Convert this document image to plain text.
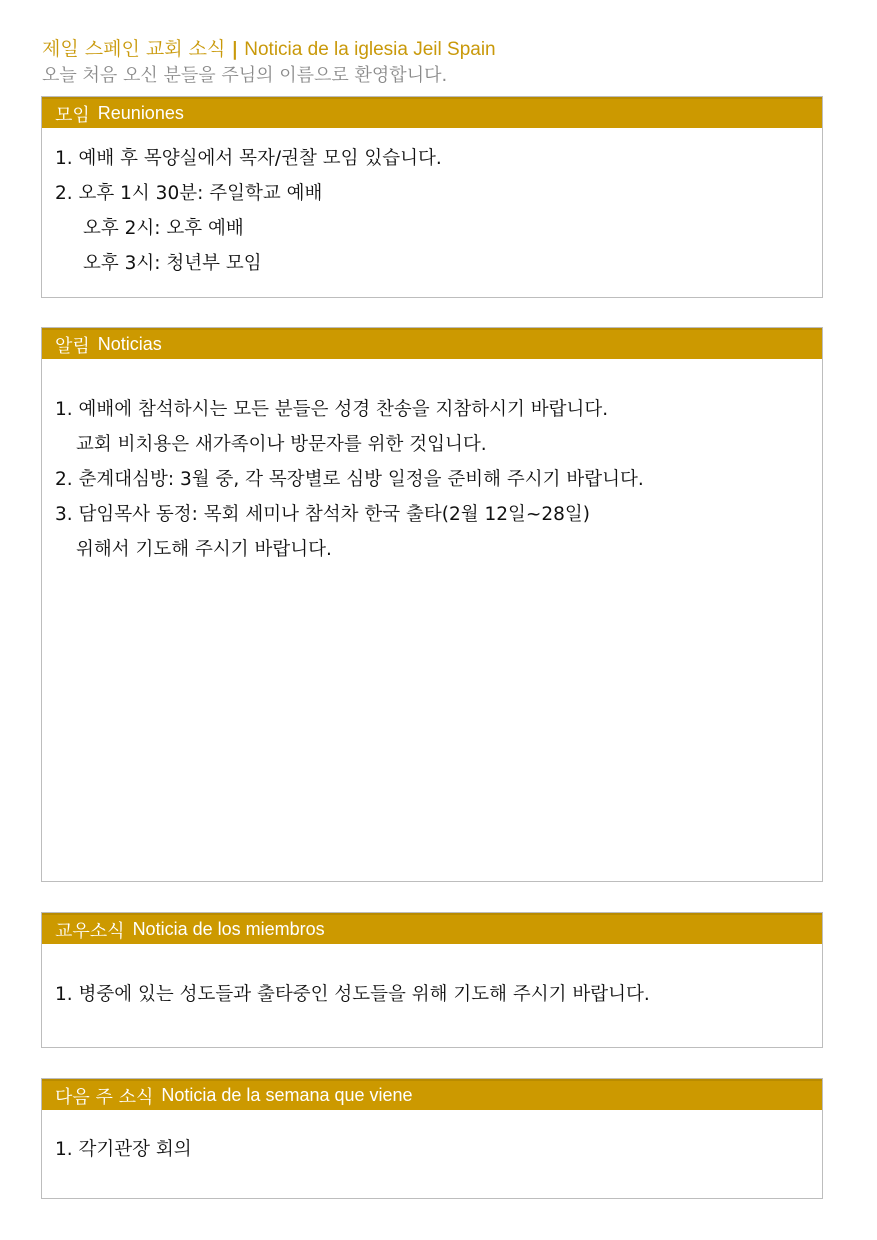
제일 스페인 교회 소식 | Noticia de la iglesia Jeil Spain
오늘 처음 오신 분들을 주님의 이름으로 환영합니다.
모임 Reuniones
1. 예배 후 목양실에서 목자/권찰 모임 있습니다.
2. 오후 1시 30분: 주일학교 예배
오후 2시: 오후 예배
오후 3시: 청년부 모임
알림 Noticias
1. 예배에 참석하시는 모든 분들은 성경 찬송을 지참하시기 바랍니다.
교회 비치용은 새가족이나 방문자를 위한 것입니다.
2. 춘계대심방: 3월 중, 각 목장별로 심방 일정을 준비해 주시기 바랍니다.
3. 담임목사 동정: 목회 세미나 참석차 한국 출타(2월 12일~28일)
위해서 기도해 주시기 바랍니다.
교우소식 Noticia de los miembros
1. 병중에 있는 성도들과 출타중인 성도들을 위해 기도해 주시기 바랍니다.
다음 주 소식 Noticia de la semana que viene
1. 각기관장 회의
